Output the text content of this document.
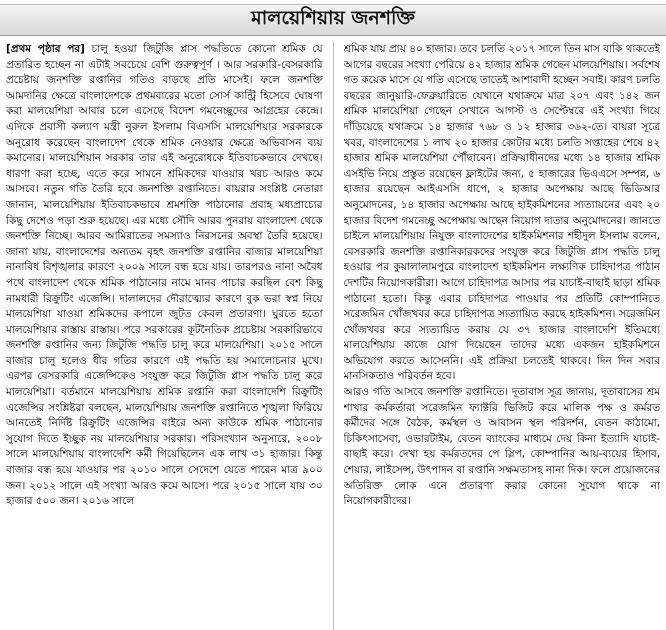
মালয়েশিয়ায় জনশক্তি

[প্রথম পৃষ্ঠার পর] চালু হওয়া জিটুজি প্লাস পদ্ধতিতে কোনো শ্রমিক যে প্রতারিত হচ্ছেন না এটাই সবচেয়ে বেশি গুরুত্বপূর্ণ । আর সরকারি-বেসরকারি প্রচেষ্টায় জনশক্তি রপ্তানির গতিও বাড়ছে প্রতি মাসেই। ফলে জনশক্তি আমদানির ক্ষেত্রে বাংলাদেশকে প্রথমবারের মতো সোর্স কান্ট্রি হিসেবে ঘোষণা করা মালয়েশিয়া আবার চলে এসেছে বিদেশ গমনেচ্ছুদের আগ্রহের কেন্দ্রে। এদিকে প্রবাসী কল্যাণ মন্ত্রী নুরুল ইসলাম বিএসসি মালয়েশিয়ার সরকারকে অনুরোধ করেছেন বাংলাদেশ থেকে শ্রমিক নেওয়ার ক্ষেত্রে অভিবাসন ব্যয় কমানোর। মালয়েশিয়ান সরকার তার এই অনুরোধকে ইতিবাচকভাবে দেখছে। ধারণা করা হচ্ছে, এতে করে সামনে শ্রমিকদের যাওয়ার খরচ আরও কমে আসবে। নতুন গতি তৈরি হবে জনশক্তি রপ্তানিতে। বায়রার সংশ্লিষ্ট নেতারা জানান, মালয়েশিয়ায় ইতিবাচকভাবে শ্রমশক্তি পাঠানোর প্রবাহ মধ্যপ্রাচ্যের কিছু দেশেও পড়া শুরু হয়েছে। এর মধ্যে সৌদি আরব পুনরায় বাংলাদেশ থেকে জনশক্তি নিচ্ছে। আরব আমিরাতের সমস্যাও নিরসনের অবস্থা তৈরি হয়েছে। জানা যায়, বাংলাদেশের অন্যতম বৃহৎ জনশক্তি রপ্তানির বাজার মালয়েশিয়া নানাবিধ বিশৃঙ্খলার কারণে ২০০৯ সালে বন্ধ হয়ে যায়। তারপরও নানা অবৈধ পথে বাংলাদেশ থেকে শ্রমিক পাঠানোর নামে মানব পাচার করছিল বেশ কিছু নামধারী রিক্রুটিং এজেন্সি। দালালদের দৌরাত্ম্যের কারণে বুক ভরা স্বপ্ন নিয়ে মালয়েশিয়া যাওয়া শ্রমিকদের কপালে জুটত কেবল প্রতারণা। ঘুরতে হতো মালয়েশিয়ার রাস্তায় রাস্তায়। পরে সরকারের কূটনৈতিক প্রচেষ্টায় সরকারিভাবে জনশক্তি রপ্তানির জন্য জিটুজি পদ্ধতি চালু করে মালয়েশিয়া। ২০১৫ সালে বাজার চালু হলেও ধীর গতির কারণে এই পদ্ধতি হয় সমালোচনার মুখে। এরপর বেসরকারি এজেন্সিকেও সংযুক্ত করে জিটুজি প্লাস পদ্ধতি চালু করে মালয়েশিয়া। বর্তমানে মালয়েশিয়ায় শ্রমিক রপ্তানি করা বাংলাদেশি রিক্রুটিং এজেন্সির সংশ্লিষ্টরা বলছেন, মালয়েশিয়ায় জনশক্তি রপ্তানিতে শৃঙ্খলা ফিরিয়ে আনতেই নির্দিষ্ট রিক্রুটিং এজেন্সির বাইরে অন্য কাউকে শ্রমিক পাঠানোর সুযোগ দিতে ইচ্ছুক নয় মালয়েশিয়ার সরকার। পরিসংখ্যান অনুসারে, ২০০৮ সালে মালয়েশিয়ায় বাংলাদেশি কর্মী গিয়েছিলেন এক লাখ ৩১ হাজার। কিন্তু বাজার বন্ধ হয়ে যাওয়ার পর ২০১০ সালে সেদেশে যেতে পারেন মাত্র ৯০০ জন। ২০১২ সালে এই সংখ্যা আরও কমে আসে। পরে ২০১৫ সালে যায় ৩০ হাজার ৫০০ জন। ২০১৬ সালে

শ্রমিক যায় প্রায় ৪০ হাজার। তবে চলতি ২০১৭ সালে তিন মাস বাকি থাকতেই আগের বছরের সংখ্যা পেরিয়ে ৪২ হাজার শ্রমিক গেছেন মালয়েশিয়ায়। সর্বশেষ গত কয়েক মাসে যে গতি এসেছে তাতেই আশাবাদী হচ্ছেন সবাই। কারণ চলতি বছরের জানুয়ারি-ফেব্রুয়ারিতে যেখানে যথাক্রমে মাত্র ২০৭ এবং ১৪২ জন শ্রমিক মালয়েশিয়া গেছেন সেখানে আগস্ট ও সেপ্টেম্বরে এই সংখ্যা গিয়ে দাঁড়িয়েছে যথাক্রমে ১৪ হাজার ৭৬৮ ও ১২ হাজার ৩৬২-তে। বায়রা সূত্রে খবর, বাংলাদেশের ১ লাখ ২০ হাজার কোটার মধ্যে চলতি সপ্তাহের শেষে ৪২ হাজার শ্রমিক মালয়েশিয়া পৌঁছাবেন। প্রক্রিয়াধীনদের মধ্যে ১৪ হাজার শ্রমিক এসইভি নিয়ে প্রস্তুত রয়েছেন ফ্লাইটের জন্য, ৫ হাজারের ভিএএসে সম্পন্ন, ৬ হাজার রয়েছেন আইএসসি ধাপে, ২ হাজার অপেক্ষায় আছে ভিডিআর অনুমোদনের, ১৪ হাজার অপেক্ষায় আছে হাইকমিশনের স্যত্যায়নের এবং ২০ হাজার বিদেশ গমনেচ্ছু অপেক্ষায় আছেন নিয়োগ দাতার অনুমোদনের। জানতে চাইলে মালয়েশিয়ায় নিযুক্ত বাংলাদেশের হাইকমিশনার শহীদুল ইসলাম বলেন, বেসরকারি জনশক্তি রপ্তানিকারকদের সংযুক্ত করে জিটুজি প্লাস পদ্ধতি চালু হওয়ার পর কুয়ালালামপুরে বাংলাদেশ হাইকমিশন লক্ষ্যণিক চাহিদাপত্র পাঠান দেশটির নিয়োগকারীরা। আগে চাহিদাপত্র আসার পর যাচাই-বাছাই ছাড়া শ্রমিক পাঠানো হতো। কিন্তু এবার চাহিদাপত্র পাওয়ার পর প্রতিটি কোম্পানিতে সরেজমিন খোঁজখবর করে চাহিদাপত্র স্যত্যায়িত করছে হাইকমিশন। সরেজমিন খোঁজখবর করে স্যত্যায়িত করায় যে ৩৭ হাজার বাংলাদেশি ইতিমধ্যে মালয়েশিয়ায় কাজে যোগ দিয়েছেন তাদের মধ্যে একজন হাইকমিশনে অভিযোগ করতে আসেননি। এই প্রক্রিয়া চলতেই থাকবে। দিন দিন সবার মানসিকতাও পরিবর্তন হবে।

আরও গতি আসবে জনশক্তি রপ্তানিতে। দূতাবাস সূত্র জানায়, দূতাবাসের শ্রম শাখার কর্মকর্তারা সরেজমিন ফ্যাক্টরি ভিজিট করে মালিক পক্ষ ও কর্মরত কর্মীদের সঙ্গে বৈঠক, কর্মস্থল ও আবাসন স্থল পরিদর্শন, বেতন কাঠামো, চিকিৎসাসেবা, ওভারটাইম, বেতন ব্যাংকের মাধ্যমে দেয় কিনা ইত্যাদি যাচাই-বাছাই করে। দেখা হয় কর্মরতদের পে স্লিপ, কোম্পানির আয়-ব্যয়ের হিসাব, শেয়ার, লাইসেন্স, উৎপাদন বা রপ্তানি সক্ষমতাসহ নানা দিক। ফলে প্রয়োজনের অতিরিক্ত লোক এনে প্রতারণা করার কোনো সুযোগ থাকে না নিয়োগকারীদের।
